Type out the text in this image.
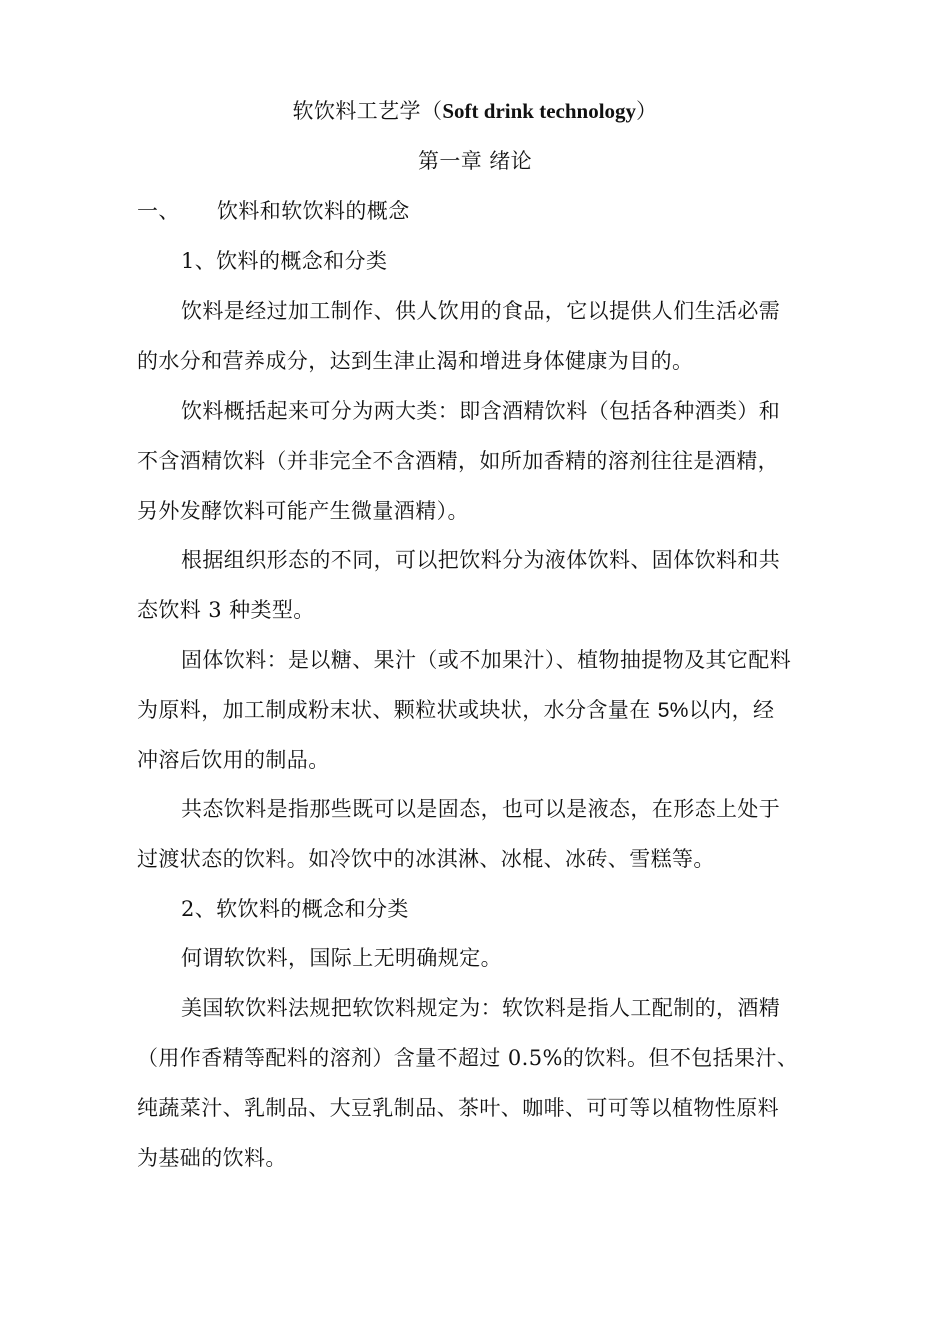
软饮料工艺学（Soft drink technology）
第一章 绪论
一、 饮料和软饮料的概念
1、饮料的概念和分类
饮料是经过加工制作、供人饮用的食品，它以提供人们生活必需
的水分和营养成分，达到生津止渴和增进身体健康为目的。
饮料概括起来可分为两大类：即含酒精饮料（包括各种酒类）和
不含酒精饮料（并非完全不含酒精，如所加香精的溶剂往往是酒精，
另外发酵饮料可能产生微量酒精）。
根据组织形态的不同，可以把饮料分为液体饮料、固体饮料和共
态饮料 3 种类型。
固体饮料：是以糖、果汁（或不加果汁）、植物抽提物及其它配料
为原料，加工制成粉末状、颗粒状或块状，水分含量在 5%以内，经
冲溶后饮用的制品。
共态饮料是指那些既可以是固态，也可以是液态，在形态上处于
过渡状态的饮料。如冷饮中的冰淇淋、冰棍、冰砖、雪糕等。
2、软饮料的概念和分类
何谓软饮料，国际上无明确规定。
美国软饮料法规把软饮料规定为：软饮料是指人工配制的，酒精
（用作香精等配料的溶剂）含量不超过 0.5%的饮料。但不包括果汁、
纯蔬菜汁、乳制品、大豆乳制品、茶叶、咖啡、可可等以植物性原料
为基础的饮料。
